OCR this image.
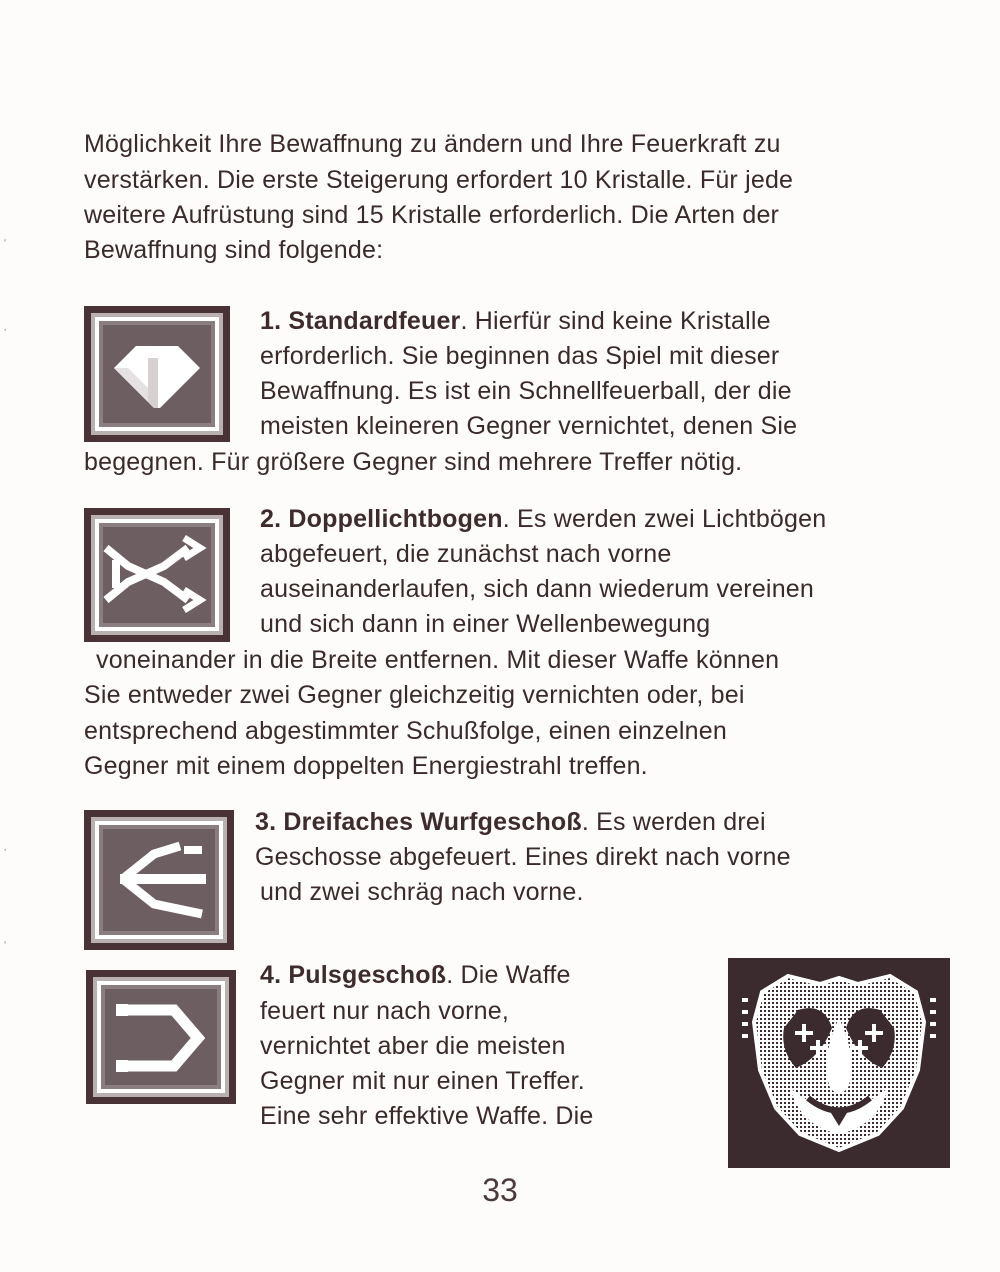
Möglichkeit Ihre Bewaffnung zu ändern und Ihre Feuerkraft zu

verstärken. Die erste Steigerung erfordert 10 Kristalle. Für jede

weitere Aufrüstung sind 15 Kristalle erforderlich. Die Arten der

Bewaffnung sind folgende:

1. Standardfeuer. Hierfür sind keine Kristalle

erforderlich. Sie beginnen das Spiel mit dieser

Bewaffnung. Es ist ein Schnellfeuerball, der die

meisten kleineren Gegner vernichtet, denen Sie

begegnen. Für größere Gegner sind mehrere Treffer nötig.

2. Doppellichtbogen. Es werden zwei Lichtbögen

abgefeuert, die zunächst nach vorne

auseinanderlaufen, sich dann wiederum vereinen

und sich dann in einer Wellenbewegung

voneinander in die Breite entfernen. Mit dieser Waffe können

Sie entweder zwei Gegner gleichzeitig vernichten oder, bei

entsprechend abgestimmter Schußfolge, einen einzelnen

Gegner mit einem doppelten Energiestrahl treffen.

3. Dreifaches Wurfgeschoß. Es werden drei

Geschosse abgefeuert. Eines direkt nach vorne

und zwei schräg nach vorne.

4. Pulsgeschoß. Die Waffe

feuert nur nach vorne,

vernichtet aber die meisten

Gegner mit nur einen Treffer.

Eine sehr effektive Waffe. Die

33

’
‘
’
‘
